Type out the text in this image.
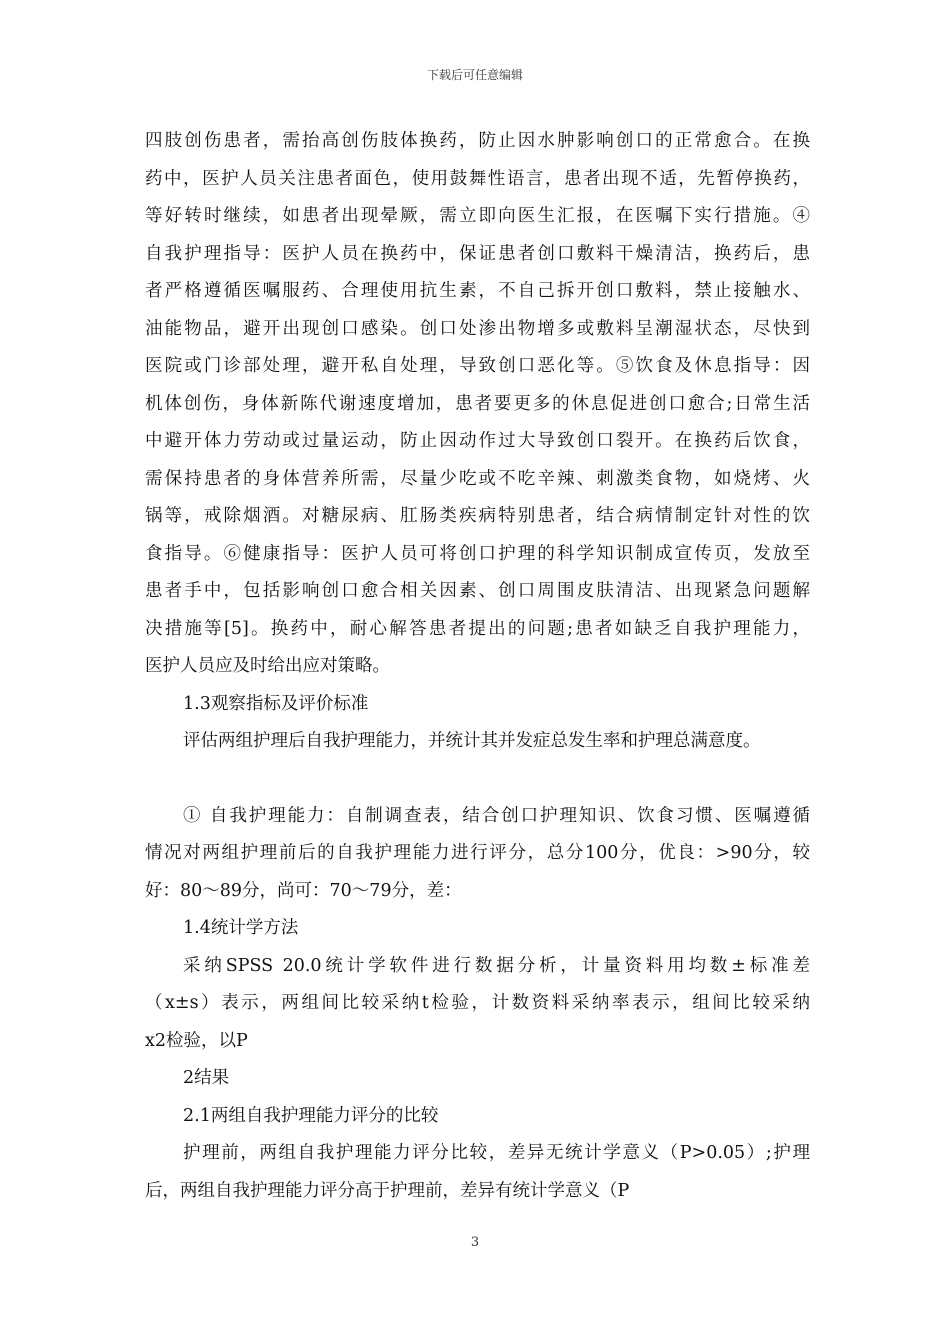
下载后可任意编辑
四肢创伤患者，需抬高创伤肢体换药，防止因水肿影响创口的正常愈合。在换
药中，医护人员关注患者面色，使用鼓舞性语言，患者出现不适，先暂停换药，
等好转时继续，如患者出现晕厥，需立即向医生汇报，在医嘱下实行措施。④
自我护理指导：医护人员在换药中，保证患者创口敷料干燥清洁，换药后，患
者严格遵循医嘱服药、合理使用抗生素，不自己拆开创口敷料，禁止接触水、
油能物品，避开出现创口感染。创口处渗出物增多或敷料呈潮湿状态，尽快到
医院或门诊部处理，避开私自处理，导致创口恶化等。⑤饮食及休息指导：因
机体创伤，身体新陈代谢速度增加，患者要更多的休息促进创口愈合;日常生活
中避开体力劳动或过量运动，防止因动作过大导致创口裂开。在换药后饮食，
需保持患者的身体营养所需，尽量少吃或不吃辛辣、刺激类食物，如烧烤、火
锅等，戒除烟酒。对糖尿病、肛肠类疾病特别患者，结合病情制定针对性的饮
食指导。⑥健康指导：医护人员可将创口护理的科学知识制成宣传页，发放至
患者手中，包括影响创口愈合相关因素、创口周围皮肤清洁、出现紧急问题解
决措施等[5]。换药中，耐心解答患者提出的问题;患者如缺乏自我护理能力，
医护人员应及时给出应对策略。
1.3观察指标及评价标准
评估两组护理后自我护理能力，并统计其并发症总发生率和护理总满意度。
① 自我护理能力：自制调查表，结合创口护理知识、饮食习惯、医嘱遵循
情况对两组护理前后的自我护理能力进行评分，总分100分，优良：>90分，较
好：80～89分，尚可：70～79分，差：
1.4统计学方法
采纳SPSS 20.0统计学软件进行数据分析，计量资料用均数±标准差
（x±s）表示，两组间比较采纳t检验，计数资料采纳率表示，组间比较采纳
x2检验，以P
2结果
2.1两组自我护理能力评分的比较
护理前，两组自我护理能力评分比较，差异无统计学意义（P>0.05）;护理
后，两组自我护理能力评分高于护理前，差异有统计学意义（P
3
